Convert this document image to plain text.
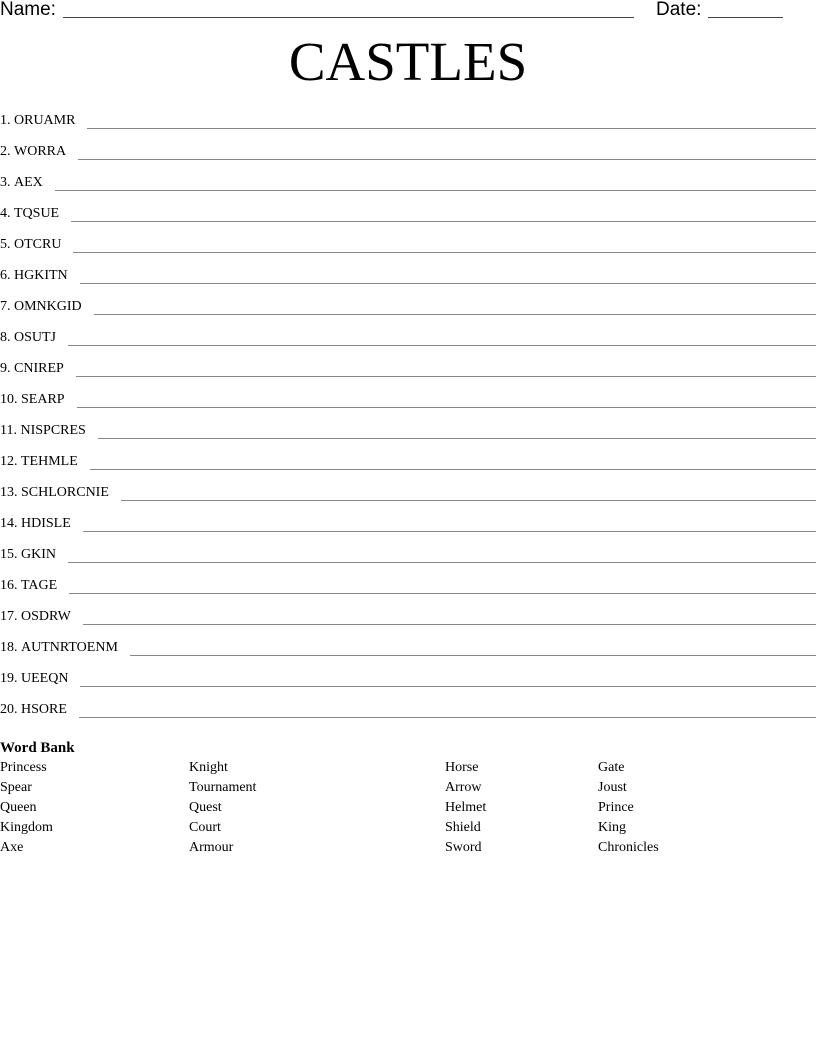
Name:	Date:
CASTLES
1.
ORUAMR
2.
WORRA
3.
AEX
4.
TQSUE
5.
OTCRU
6.
HGKITN
7.
OMNKGID
8.
OSUTJ
9.
CNIREP
10.
SEARP
11.
NISPCRES
12.
TEHMLE
13.
SCHLORCNIE
14.
HDISLE
15.
GKIN
16.
TAGE
17.
OSDRW
18.
AUTNRTOENM
19.
UEEQN
20.
HSORE
Word Bank
Princess
Spear
Queen
Kingdom
Axe
Knight
Tournament
Quest
Court
Armour
Horse
Arrow
Helmet
Shield
Sword
Gate
Joust
Prince
King
Chronicles
